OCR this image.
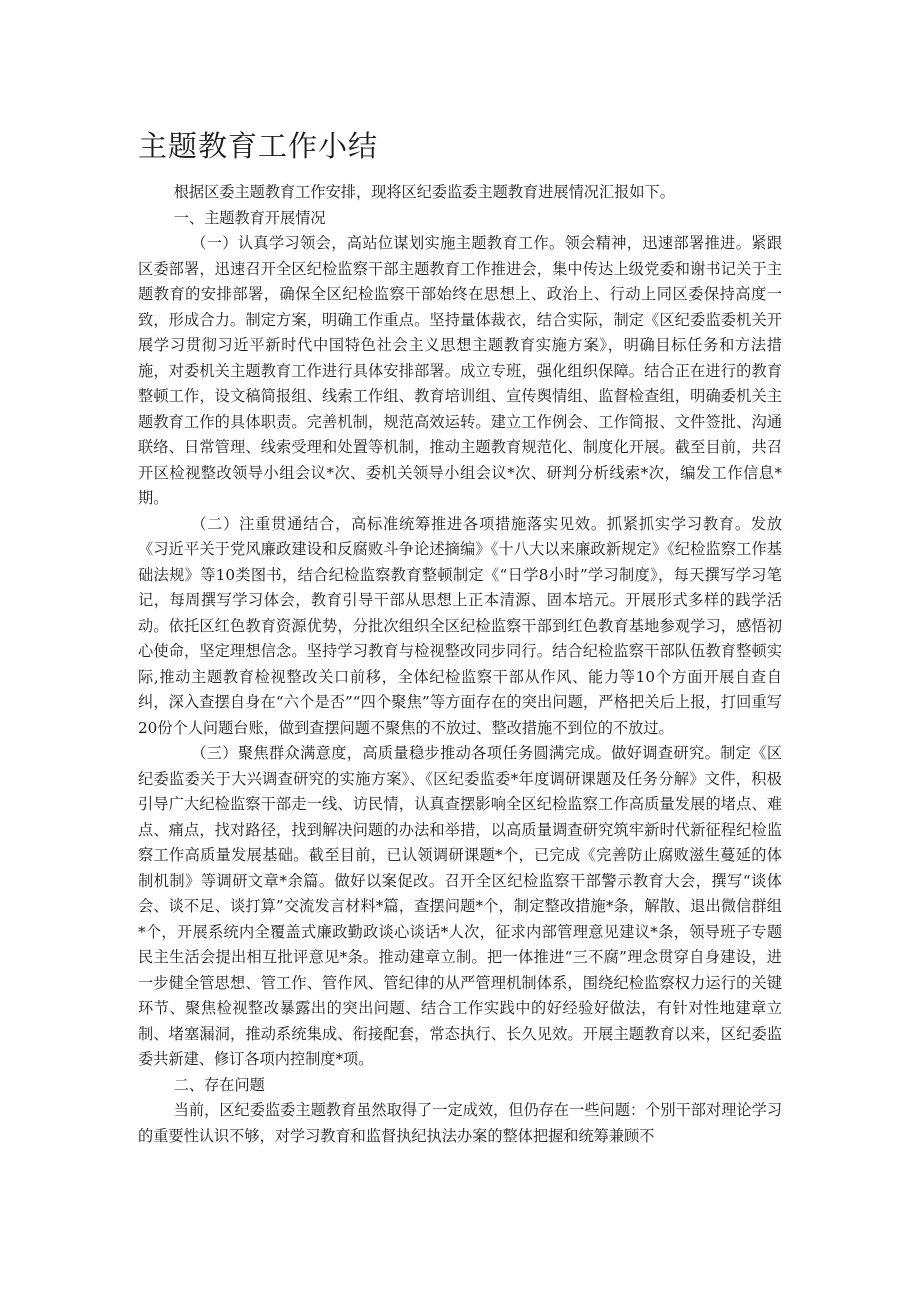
主题教育工作小结

根据区委主题教育工作安排，现将区纪委监委主题教育进展情况汇报如下。

一、主题教育开展情况

（一）认真学习领会，高站位谋划实施主题教育工作。领会精神，迅速部署推进。紧跟区委部署，迅速召开全区纪检监察干部主题教育工作推进会，集中传达上级党委和谢书记关于主题教育的安排部署，确保全区纪检监察干部始终在思想上、政治上、行动上同区委保持高度一致，形成合力。制定方案，明确工作重点。坚持量体裁衣，结合实际，制定《区纪委监委机关开展学习贯彻习近平新时代中国特色社会主义思想主题教育实施方案》，明确目标任务和方法措施，对委机关主题教育工作进行具体安排部署。成立专班，强化组织保障。结合正在进行的教育整顿工作，设文稿简报组、线索工作组、教育培训组、宣传舆情组、监督检查组，明确委机关主题教育工作的具体职责。完善机制，规范高效运转。建立工作例会、工作简报、文件签批、沟通联络、日常管理、线索受理和处置等机制，推动主题教育规范化、制度化开展。截至目前，共召开区检视整改领导小组会议*次、委机关领导小组会议*次、研判分析线索*次，编发工作信息*期。

（二）注重贯通结合，高标准统筹推进各项措施落实见效。抓紧抓实学习教育。发放《习近平关于党风廉政建设和反腐败斗争论述摘编》《十八大以来廉政新规定》《纪检监察工作基础法规》等10类图书，结合纪检监察教育整顿制定《“日学8小时”学习制度》，每天撰写学习笔记，每周撰写学习体会，教育引导干部从思想上正本清源、固本培元。开展形式多样的践学活动。依托区红色教育资源优势，分批次组织全区纪检监察干部到红色教育基地参观学习，感悟初心使命，坚定理想信念。坚持学习教育与检视整改同步同行。结合纪检监察干部队伍教育整顿实际,推动主题教育检视整改关口前移，全体纪检监察干部从作风、能力等10个方面开展自查自纠，深入查摆自身在“六个是否”“四个聚焦”等方面存在的突出问题，严格把关后上报，打回重写20份个人问题台账，做到查摆问题不聚焦的不放过、整改措施不到位的不放过。

（三）聚焦群众满意度，高质量稳步推动各项任务圆满完成。做好调查研究。制定《区纪委监委关于大兴调查研究的实施方案》、《区纪委监委*年度调研课题及任务分解》文件，积极引导广大纪检监察干部走一线、访民情，认真查摆影响全区纪检监察工作高质量发展的堵点、难点、痛点，找对路径，找到解决问题的办法和举措，以高质量调查研究筑牢新时代新征程纪检监察工作高质量发展基础。截至目前，已认领调研课题*个，已完成《完善防止腐败滋生蔓延的体制机制》等调研文章*余篇。做好以案促改。召开全区纪检监察干部警示教育大会，撰写“谈体会、谈不足、谈打算”交流发言材料*篇，查摆问题*个，制定整改措施*条，解散、退出微信群组*个，开展系统内全覆盖式廉政勤政谈心谈话*人次，征求内部管理意见建议*条，领导班子专题民主生活会提出相互批评意见*条。推动建章立制。把一体推进“三不腐”理念贯穿自身建设，进一步健全管思想、管工作、管作风、管纪律的从严管理机制体系，围绕纪检监察权力运行的关键环节、聚焦检视整改暴露出的突出问题、结合工作实践中的好经验好做法，有针对性地建章立制、堵塞漏洞，推动系统集成、衔接配套，常态执行、长久见效。开展主题教育以来，区纪委监委共新建、修订各项内控制度*项。

二、存在问题

当前，区纪委监委主题教育虽然取得了一定成效，但仍存在一些问题：个别干部对理论学习的重要性认识不够，对学习教育和监督执纪执法办案的整体把握和统筹兼顾不
